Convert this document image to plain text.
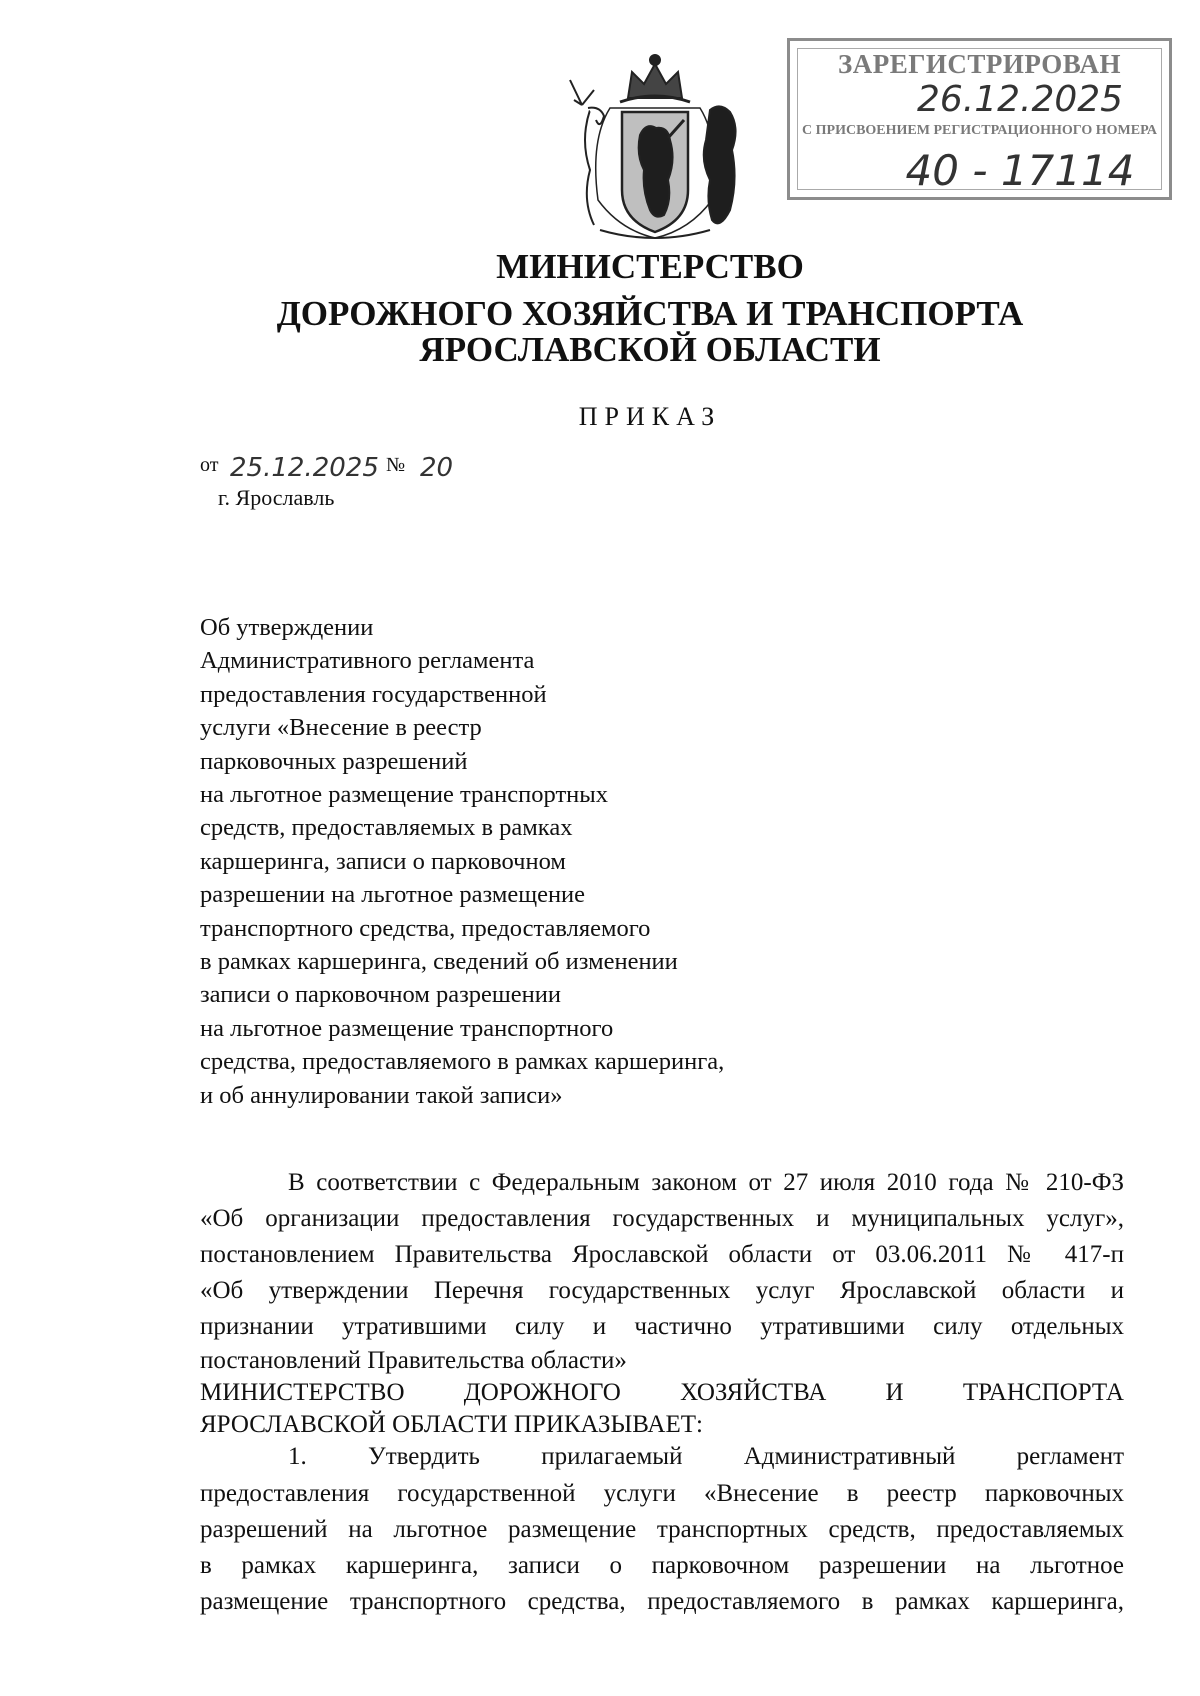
ЗАРЕГИСТРИРОВАН
26.12.2025
С ПРИСВОЕНИЕМ РЕГИСТРАЦИОННОГО НОМЕРА
40 - 17114
МИНИСТЕРСТВО
ДОРОЖНОГО ХОЗЯЙСТВА И ТРАНСПОРТА
ЯРОСЛАВСКОЙ ОБЛАСТИ
ПРИКАЗ
от 25.12.2025 № 20
г. Ярославль
Об утверждении
Административного регламента
предоставления государственной
услуги «Внесение в реестр
парковочных разрешений
на льготное размещение транспортных
средств, предоставляемых в рамках
каршеринга, записи о парковочном
разрешении на льготное размещение
транспортного средства, предоставляемого
в рамках каршеринга, сведений об изменении
записи о парковочном разрешении
на льготное размещение транспортного
средства, предоставляемого в рамках каршеринга,
и об аннулировании такой записи»
В соответствии с Федеральным законом от 27 июля 2010 года № 210-ФЗ
«Об организации предоставления государственных и муниципальных услуг»,
постановлением Правительства Ярославской области от 03.06.2011 № 417-п
«Об утверждении Перечня государственных услуг Ярославской области и
признании утратившими силу и частично утратившими силу отдельных
постановлений Правительства области»
МИНИСТЕРСТВО ДОРОЖНОГО ХОЗЯЙСТВА И ТРАНСПОРТА
ЯРОСЛАВСКОЙ ОБЛАСТИ ПРИКАЗЫВАЕТ:
1. Утвердить прилагаемый Административный регламент
предоставления государственной услуги «Внесение в реестр парковочных
разрешений на льготное размещение транспортных средств, предоставляемых
в рамках каршеринга, записи о парковочном разрешении на льготное
размещение транспортного средства, предоставляемого в рамках каршеринга,
